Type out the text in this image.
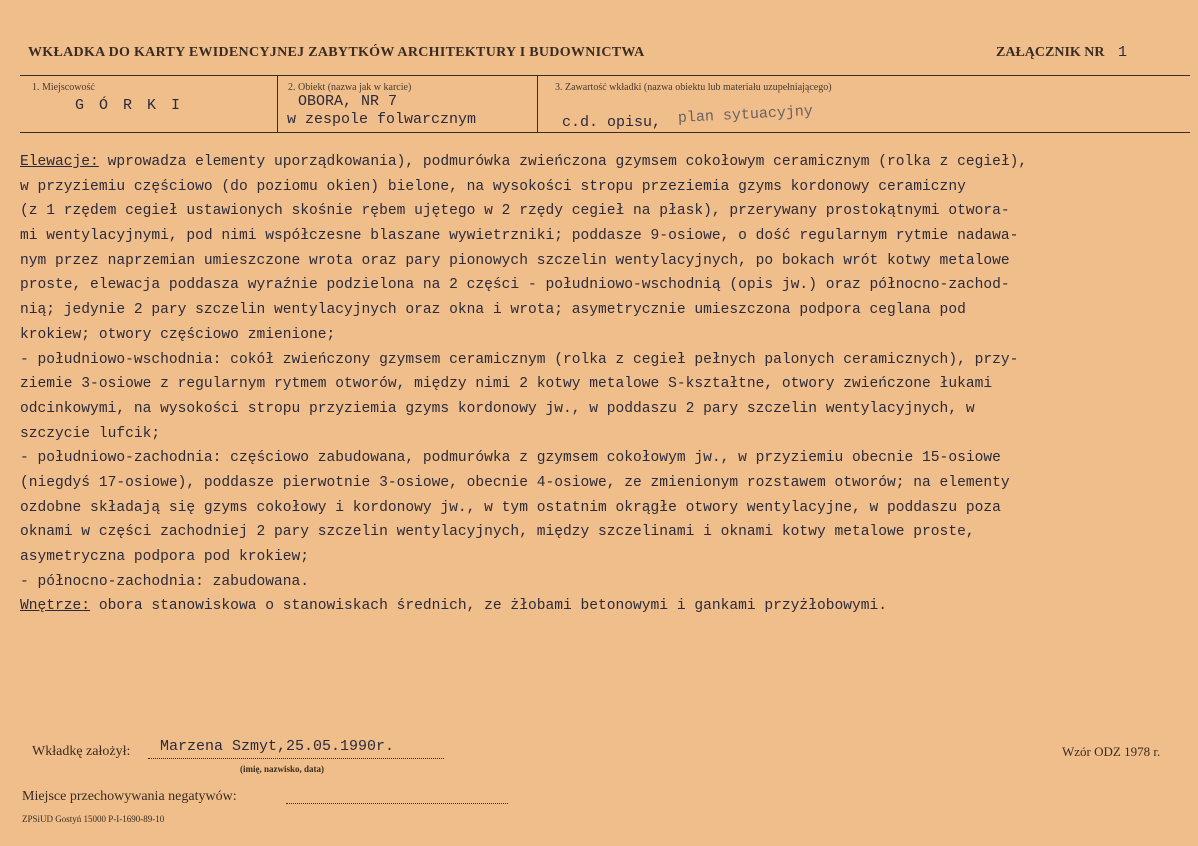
WKŁADKA DO KARTY EWIDENCYJNEJ ZABYTKÓW ARCHITEKTURY I BUDOWNICTWA	ZAŁĄCZNIK NR 1
1. Miejscowość
G Ó R K I
2. Obiekt (nazwa jak w karcie)
OBORA, NR 7
w zespole folwarcznym
3. Zawartość wkładki (nazwa obiektu lub materiału uzupełniającego)
c.d. opisu, plan sytuacyjny
Elewacje: wprowadza elementy uporządkowania), podmurówka zwieńczona gzymsem cokołowym ceramicznym (rolka z cegieł),
w przyziemiu częściowo (do poziomu okien) bielone, na wysokości stropu przeziemia gzyms kordonowy ceramiczny
(z 1 rzędem cegieł ustawionych skośnie rębem ujętego w 2 rzędy cegieł na płask), przerywany prostokątnymi otwora-
mi wentylacyjnymi, pod nimi współczesne blaszane wywietrzniki; poddasze 9-osiowe, o dość regularnym rytmie nadawa-
nym przez naprzemian umieszczone wrota oraz pary pionowych szczelin wentylacyjnych, po bokach wrót kotwy metalowe
proste, elewacja poddasza wyraźnie podzielona na 2 części - południowo-wschodnią (opis jw.) oraz północno-zachod-
nią; jedynie 2 pary szczelin wentylacyjnych oraz okna i wrota; asymetrycznie umieszczona podpora ceglana pod
krokiew; otwory częściowo zmienione;
- południowo-wschodnia: cokół zwieńczony gzymsem ceramicznym (rolka z cegieł pełnych palonych ceramicznych), przy-
ziemie 3-osiowe z regularnym rytmem otworów, między nimi 2 kotwy metalowe S-kształtne, otwory zwieńczone łukami
odcinkowymi, na wysokości stropu przyziemia gzyms kordonowy jw., w poddaszu 2 pary szczelin wentylacyjnych, w
szczycie lufcik;
- południowo-zachodnia: częściowo zabudowana, podmurówka z gzymsem cokołowym jw., w przyziemiu obecnie 15-osiowe
(niegdyś 17-osiowe), poddasze pierwotnie 3-osiowe, obecnie 4-osiowe, ze zmienionym rozstawem otworów; na elementy
ozdobne składają się gzyms cokołowy i kordonowy jw., w tym ostatnim okrągłe otwory wentylacyjne, w poddaszu poza
oknami w części zachodniej 2 pary szczelin wentylacyjnych, między szczelinami i oknami kotwy metalowe proste,
asymetryczna podpora pod krokiew;
- północno-zachodnia: zabudowana.
Wnętrze: obora stanowiskowa o stanowiskach średnich, ze żłobami betonowymi i gankami przyżłobowymi.
Wkładkę założył: Marzena Szmyt,25.05.1990r.
(imię, nazwisko, data)
Wzór ODZ 1978 r.
Miejsce przechowywania negatywów:
ZPSiUD Gostyń 15000 P-I-1690-89-10
